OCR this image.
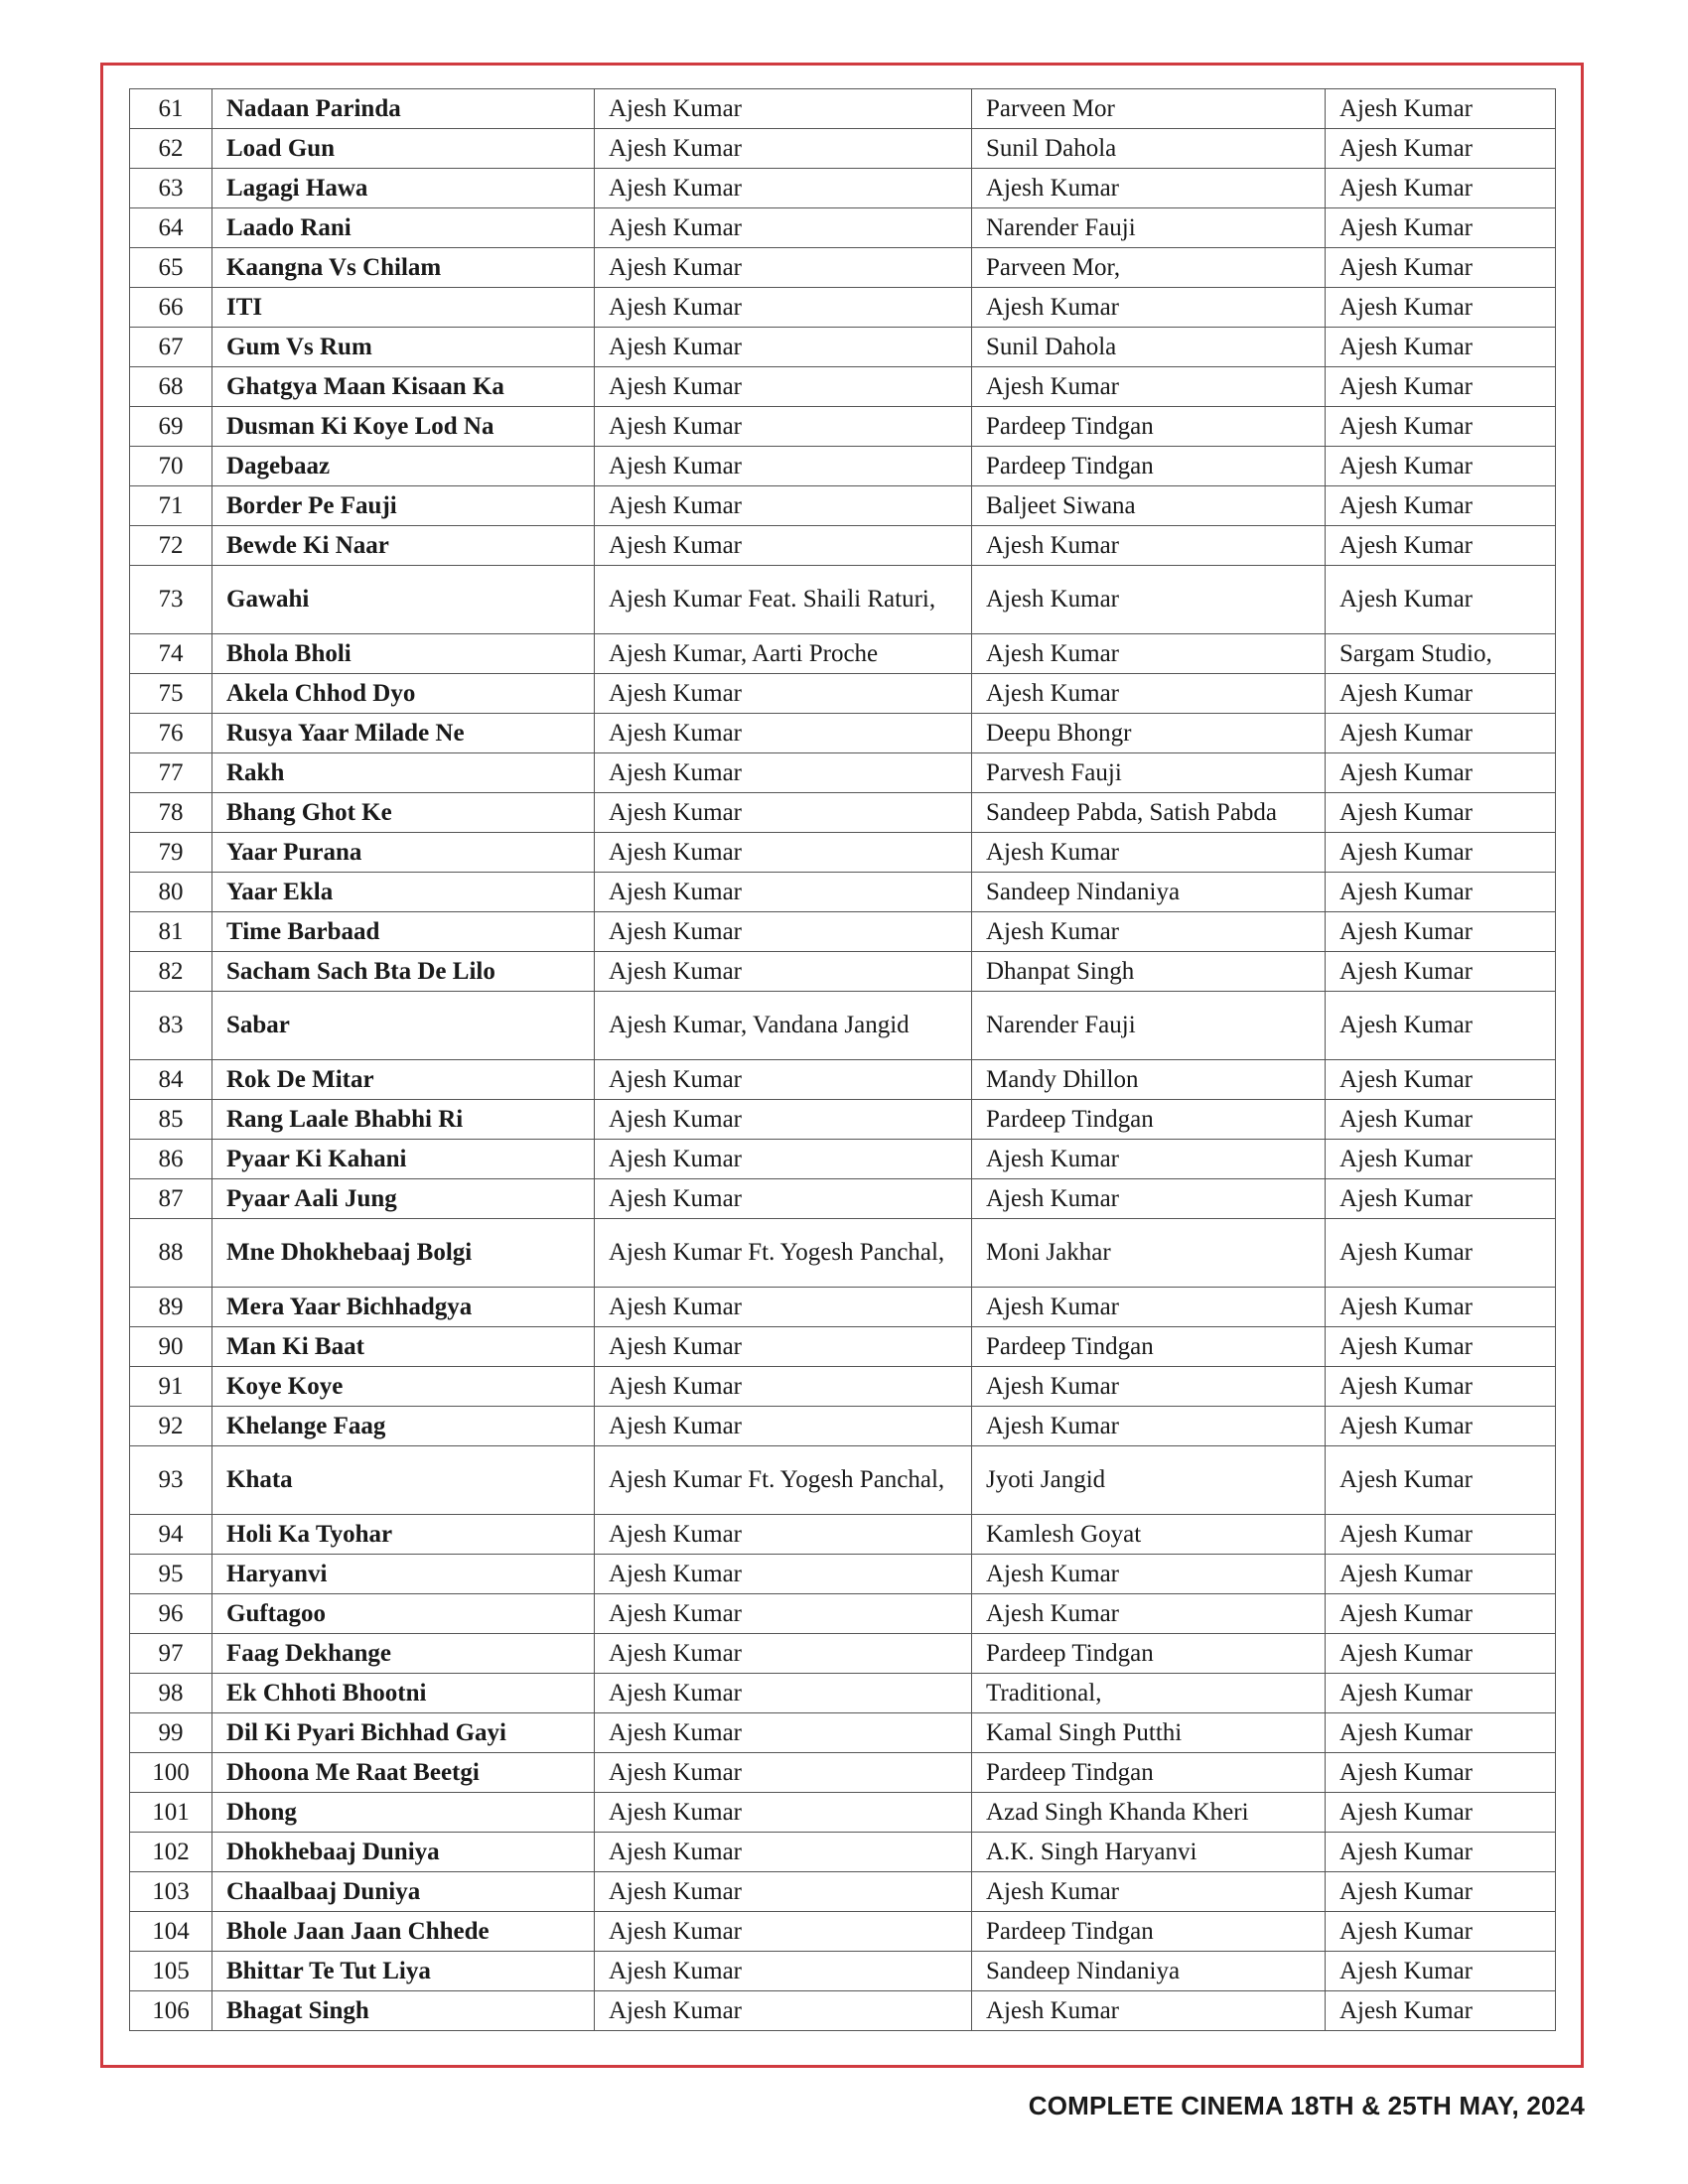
61	Nadaan Parinda	Ajesh Kumar	Parveen Mor	Ajesh Kumar
62	Load Gun	Ajesh Kumar	Sunil Dahola	Ajesh Kumar
63	Lagagi Hawa	Ajesh Kumar	Ajesh Kumar	Ajesh Kumar
64	Laado Rani	Ajesh Kumar	Narender Fauji	Ajesh Kumar
65	Kaangna Vs Chilam	Ajesh Kumar	Parveen Mor,	Ajesh Kumar
66	ITI	Ajesh Kumar	Ajesh Kumar	Ajesh Kumar
67	Gum Vs Rum	Ajesh Kumar	Sunil Dahola	Ajesh Kumar
68	Ghatgya Maan Kisaan Ka	Ajesh Kumar	Ajesh Kumar	Ajesh Kumar
69	Dusman Ki Koye Lod Na	Ajesh Kumar	Pardeep Tindgan	Ajesh Kumar
70	Dagebaaz	Ajesh Kumar	Pardeep Tindgan	Ajesh Kumar
71	Border Pe Fauji	Ajesh Kumar	Baljeet Siwana	Ajesh Kumar
72	Bewde Ki Naar	Ajesh Kumar	Ajesh Kumar	Ajesh Kumar
73	Gawahi	Ajesh Kumar Feat. Shaili Raturi,	Ajesh Kumar	Ajesh Kumar
74	Bhola Bholi	Ajesh Kumar, Aarti Proche	Ajesh Kumar	Sargam Studio,
75	Akela Chhod Dyo	Ajesh Kumar	Ajesh Kumar	Ajesh Kumar
76	Rusya Yaar Milade Ne	Ajesh Kumar	Deepu Bhongr	Ajesh Kumar
77	Rakh	Ajesh Kumar	Parvesh Fauji	Ajesh Kumar
78	Bhang Ghot Ke	Ajesh Kumar	Sandeep Pabda, Satish Pabda	Ajesh Kumar
79	Yaar Purana	Ajesh Kumar	Ajesh Kumar	Ajesh Kumar
80	Yaar Ekla	Ajesh Kumar	Sandeep Nindaniya	Ajesh Kumar
81	Time Barbaad	Ajesh Kumar	Ajesh Kumar	Ajesh Kumar
82	Sacham Sach Bta De Lilo	Ajesh Kumar	Dhanpat Singh	Ajesh Kumar
83	Sabar	Ajesh Kumar, Vandana Jangid	Narender Fauji	Ajesh Kumar
84	Rok De Mitar	Ajesh Kumar	Mandy Dhillon	Ajesh Kumar
85	Rang Laale Bhabhi Ri	Ajesh Kumar	Pardeep Tindgan	Ajesh Kumar
86	Pyaar Ki Kahani	Ajesh Kumar	Ajesh Kumar	Ajesh Kumar
87	Pyaar Aali Jung	Ajesh Kumar	Ajesh Kumar	Ajesh Kumar
88	Mne Dhokhebaaj Bolgi	Ajesh Kumar Ft. Yogesh Panchal,	Moni Jakhar	Ajesh Kumar
89	Mera Yaar Bichhadgya	Ajesh Kumar	Ajesh Kumar	Ajesh Kumar
90	Man Ki Baat	Ajesh Kumar	Pardeep Tindgan	Ajesh Kumar
91	Koye Koye	Ajesh Kumar	Ajesh Kumar	Ajesh Kumar
92	Khelange Faag	Ajesh Kumar	Ajesh Kumar	Ajesh Kumar
93	Khata	Ajesh Kumar Ft. Yogesh Panchal,	Jyoti Jangid	Ajesh Kumar
94	Holi Ka Tyohar	Ajesh Kumar	Kamlesh Goyat	Ajesh Kumar
95	Haryanvi	Ajesh Kumar	Ajesh Kumar	Ajesh Kumar
96	Guftagoo	Ajesh Kumar	Ajesh Kumar	Ajesh Kumar
97	Faag Dekhange	Ajesh Kumar	Pardeep Tindgan	Ajesh Kumar
98	Ek Chhoti Bhootni	Ajesh Kumar	Traditional,	Ajesh Kumar
99	Dil Ki Pyari Bichhad Gayi	Ajesh Kumar	Kamal Singh Putthi	Ajesh Kumar
100	Dhoona Me Raat Beetgi	Ajesh Kumar	Pardeep Tindgan	Ajesh Kumar
101	Dhong	Ajesh Kumar	Azad Singh Khanda Kheri	Ajesh Kumar
102	Dhokhebaaj Duniya	Ajesh Kumar	A.K. Singh Haryanvi	Ajesh Kumar
103	Chaalbaaj Duniya	Ajesh Kumar	Ajesh Kumar	Ajesh Kumar
104	Bhole Jaan Jaan Chhede	Ajesh Kumar	Pardeep Tindgan	Ajesh Kumar
105	Bhittar Te Tut Liya	Ajesh Kumar	Sandeep Nindaniya	Ajesh Kumar
106	Bhagat Singh	Ajesh Kumar	Ajesh Kumar	Ajesh Kumar
COMPLETE CINEMA 18TH & 25TH MAY, 2024
